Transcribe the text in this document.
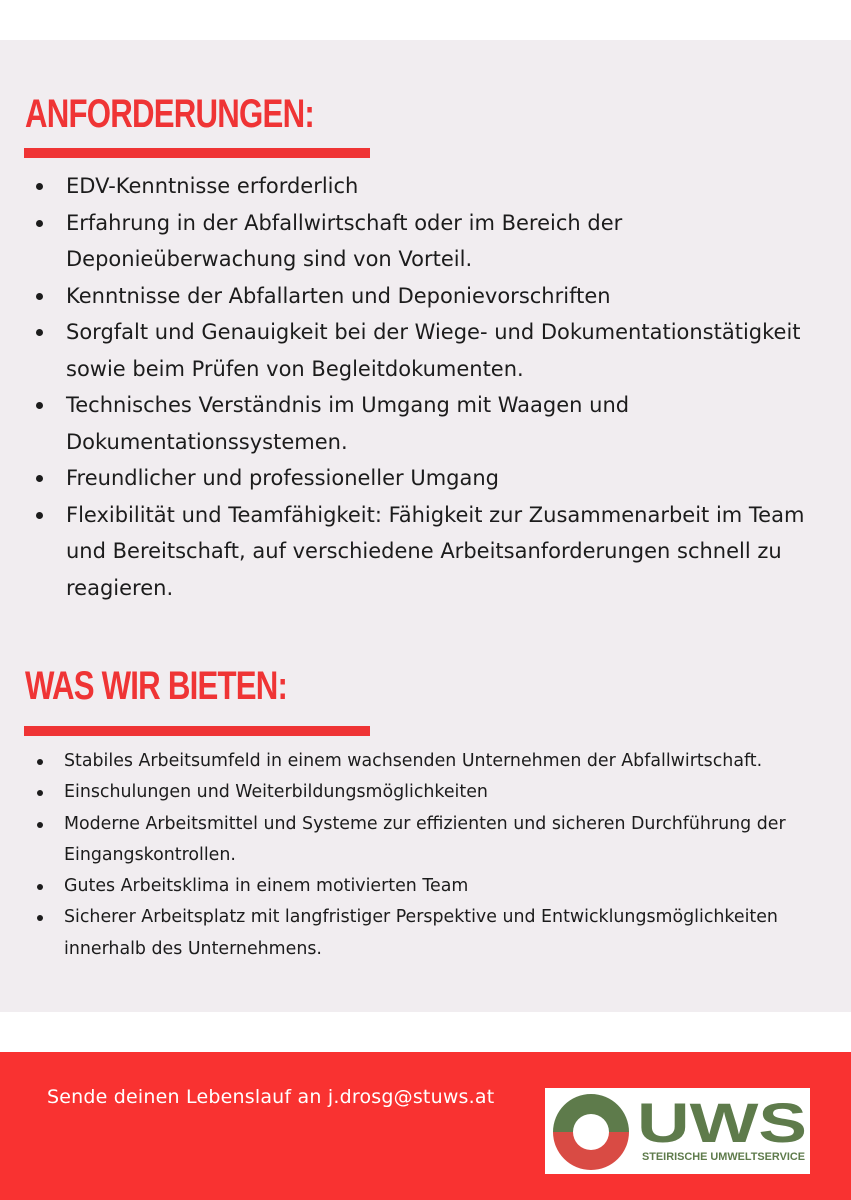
ANFORDERUNGEN:
EDV-Kenntnisse erforderlich
Erfahrung in der Abfallwirtschaft oder im Bereich der Deponieüberwachung sind von Vorteil.
Kenntnisse der Abfallarten und Deponievorschriften
Sorgfalt und Genauigkeit bei der Wiege- und Dokumentationstätigkeit sowie beim Prüfen von Begleitdokumenten.
Technisches Verständnis im Umgang mit Waagen und Dokumentationssystemen.
Freundlicher und professioneller Umgang
Flexibilität und Teamfähigkeit: Fähigkeit zur Zusammenarbeit im Team und Bereitschaft, auf verschiedene Arbeitsanforderungen schnell zu reagieren.
WAS WIR BIETEN:
Stabiles Arbeitsumfeld in einem wachsenden Unternehmen der Abfallwirtschaft.
Einschulungen und Weiterbildungsmöglichkeiten
Moderne Arbeitsmittel und Systeme zur effizienten und sicheren Durchführung der Eingangskontrollen.
Gutes Arbeitsklima in einem motivierten Team
Sicherer Arbeitsplatz mit langfristiger Perspektive und Entwicklungsmöglichkeiten innerhalb des Unternehmens.
Sende deinen Lebenslauf an j.drosg@stuws.at	UWS
STEIRISCHE UMWELTSERVICE
